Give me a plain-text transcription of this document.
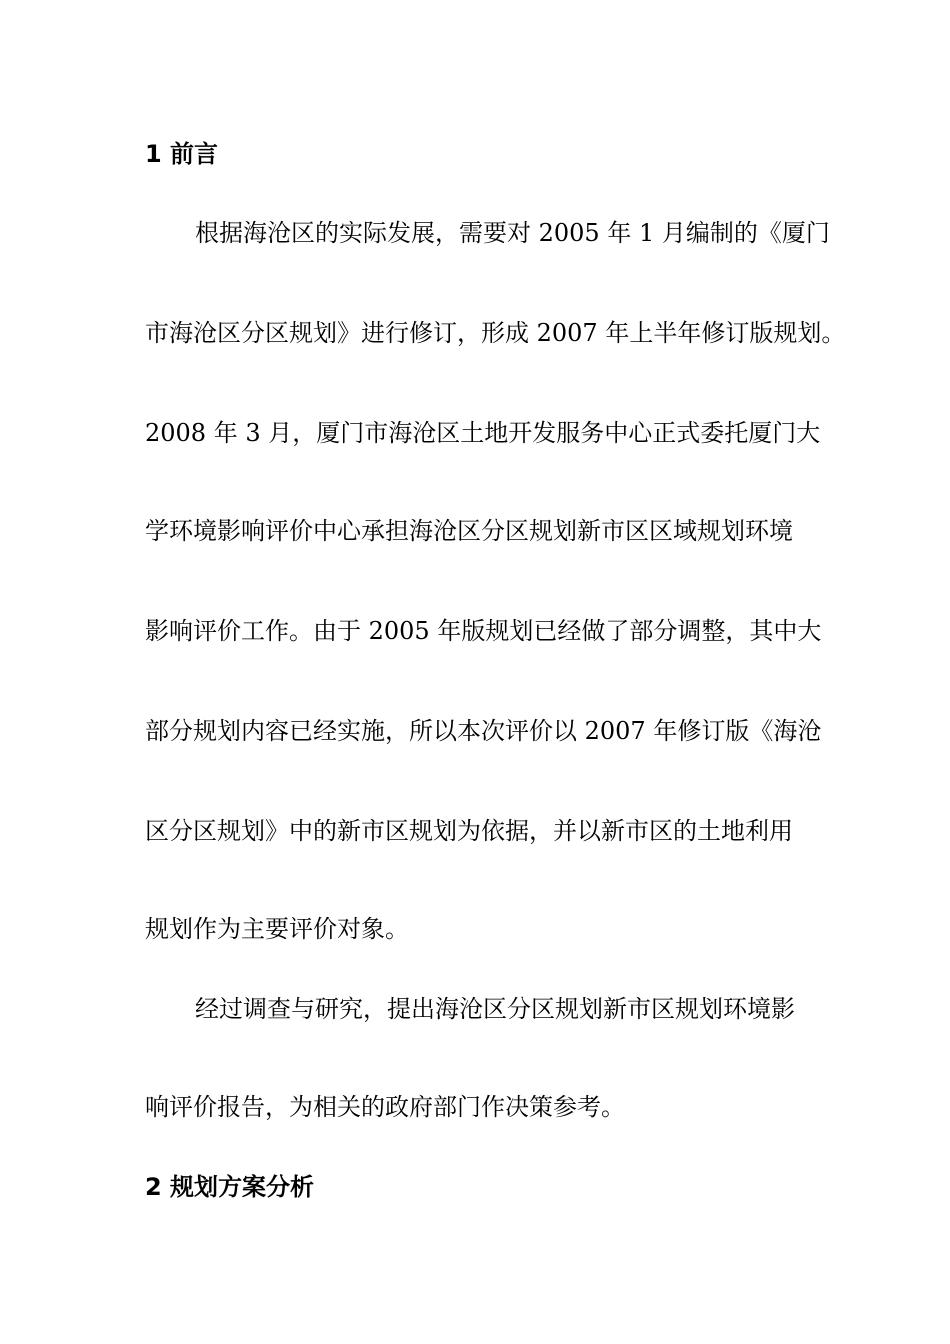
1 前言

根据海沧区的实际发展，需要对 2005 年 1 月编制的《厦门

市海沧区分区规划》进行修订，形成 2007 年上半年修订版规划。

2008 年 3 月，厦门市海沧区土地开发服务中心正式委托厦门大

学环境影响评价中心承担海沧区分区规划新市区区域规划环境

影响评价工作。由于 2005 年版规划已经做了部分调整，其中大

部分规划内容已经实施，所以本次评价以 2007 年修订版《海沧

区分区规划》中的新市区规划为依据，并以新市区的土地利用

规划作为主要评价对象。

经过调查与研究，提出海沧区分区规划新市区规划环境影

响评价报告，为相关的政府部门作决策参考。

2 规划方案分析
